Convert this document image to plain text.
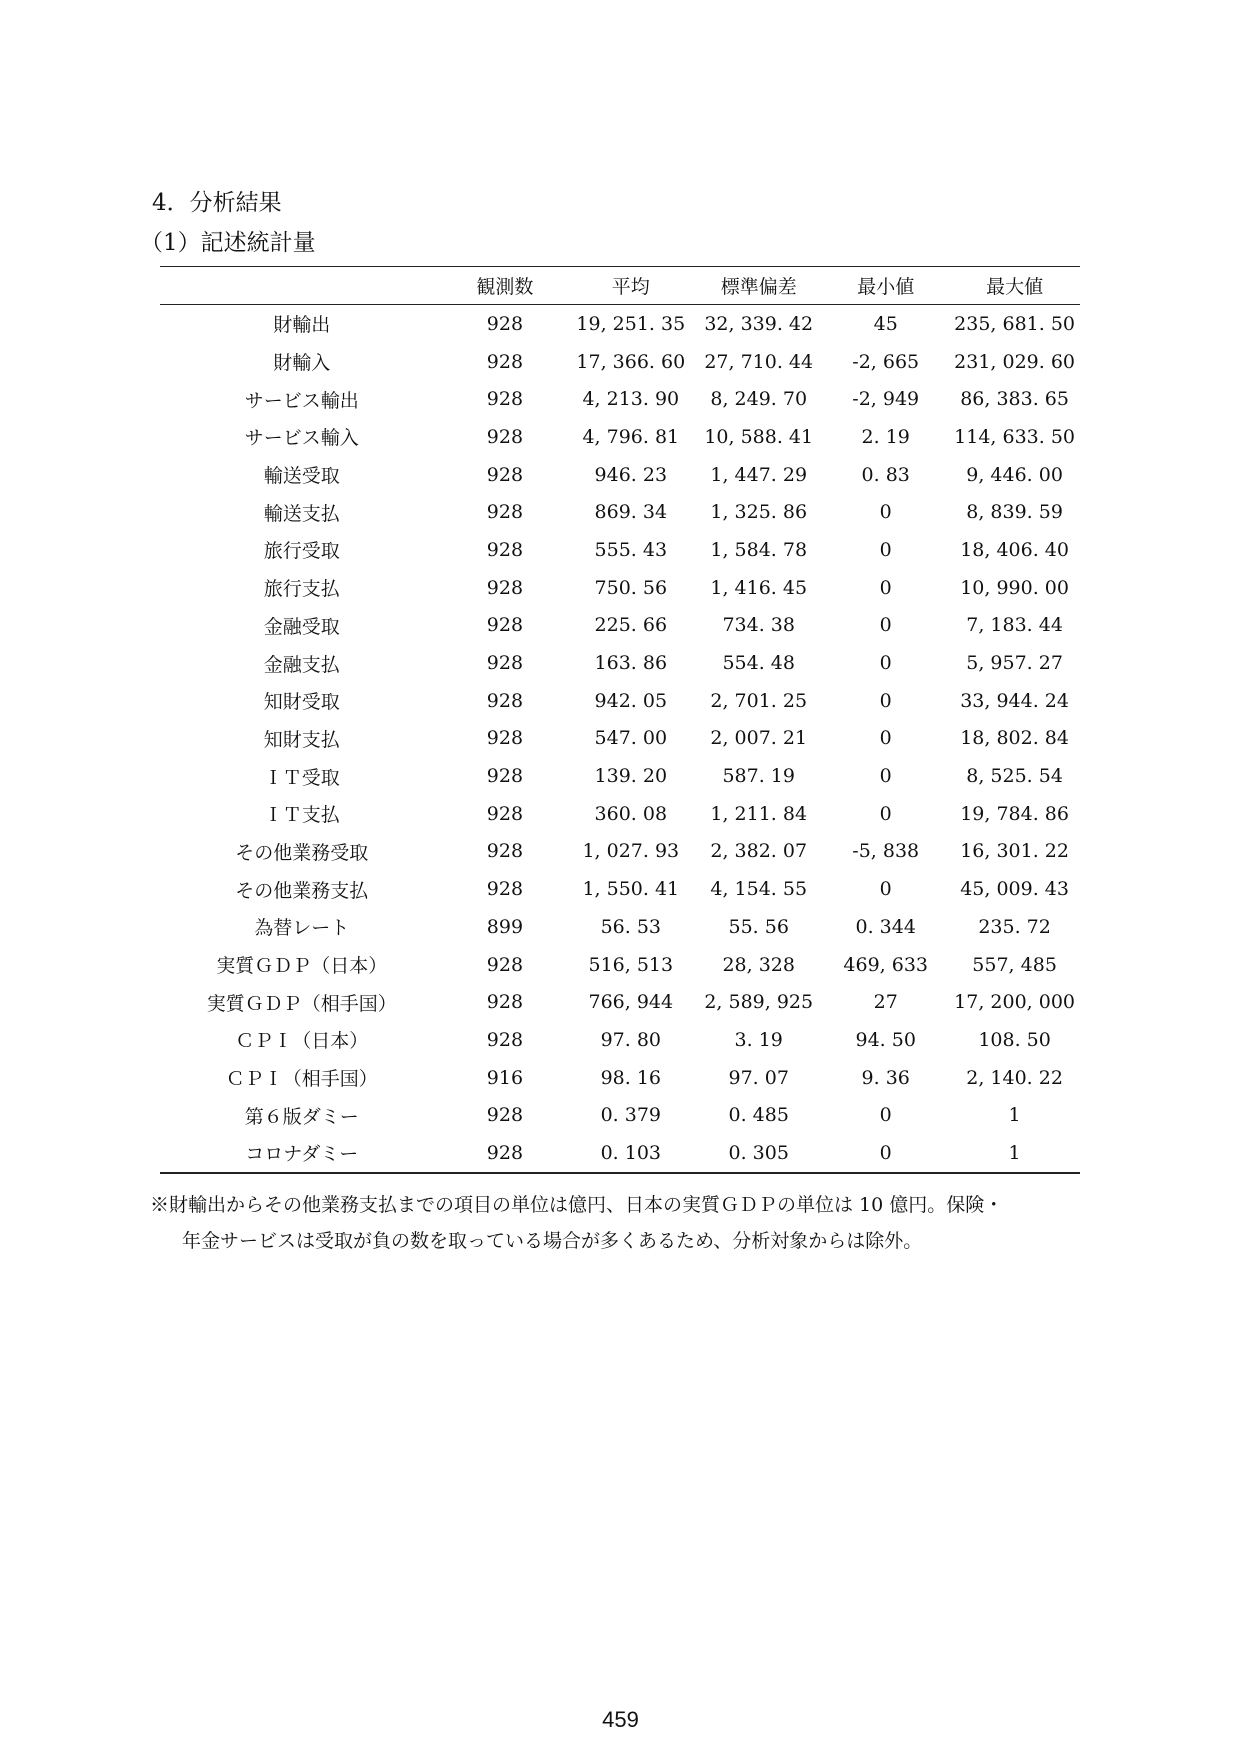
4．分析結果
（1）記述統計量
	観測数	平均	標準偏差	最小値	最大値
財輸出	928	19, 251. 35	32, 339. 42	45	235, 681. 50
財輸入	928	17, 366. 60	27, 710. 44	-2, 665	231, 029. 60
サービス輸出	928	4, 213. 90	8, 249. 70	-2, 949	86, 383. 65
サービス輸入	928	4, 796. 81	10, 588. 41	2. 19	114, 633. 50
輸送受取	928	946. 23	1, 447. 29	0. 83	9, 446. 00
輸送支払	928	869. 34	1, 325. 86	0	8, 839. 59
旅行受取	928	555. 43	1, 584. 78	0	18, 406. 40
旅行支払	928	750. 56	1, 416. 45	0	10, 990. 00
金融受取	928	225. 66	734. 38	0	7, 183. 44
金融支払	928	163. 86	554. 48	0	5, 957. 27
知財受取	928	942. 05	2, 701. 25	0	33, 944. 24
知財支払	928	547. 00	2, 007. 21	0	18, 802. 84
ＩＴ受取	928	139. 20	587. 19	0	8, 525. 54
ＩＴ支払	928	360. 08	1, 211. 84	0	19, 784. 86
その他業務受取	928	1, 027. 93	2, 382. 07	-5, 838	16, 301. 22
その他業務支払	928	1, 550. 41	4, 154. 55	0	45, 009. 43
為替レート	899	56. 53	55. 56	0. 344	235. 72
実質ＧＤＰ（日本）	928	516, 513	28, 328	469, 633	557, 485
実質ＧＤＰ（相手国）	928	766, 944	2, 589, 925	27	17, 200, 000
ＣＰＩ（日本）	928	97. 80	3. 19	94. 50	108. 50
ＣＰＩ（相手国）	916	98. 16	97. 07	9. 36	2, 140. 22
第６版ダミー	928	0. 379	0. 485	0	1
コロナダミー	928	0. 103	0. 305	0	1

※財輸出からその他業務支払までの項目の単位は億円、日本の実質ＧＤＰの単位は 10 億円。保険・
年金サービスは受取が負の数を取っている場合が多くあるため、分析対象からは除外。

459
